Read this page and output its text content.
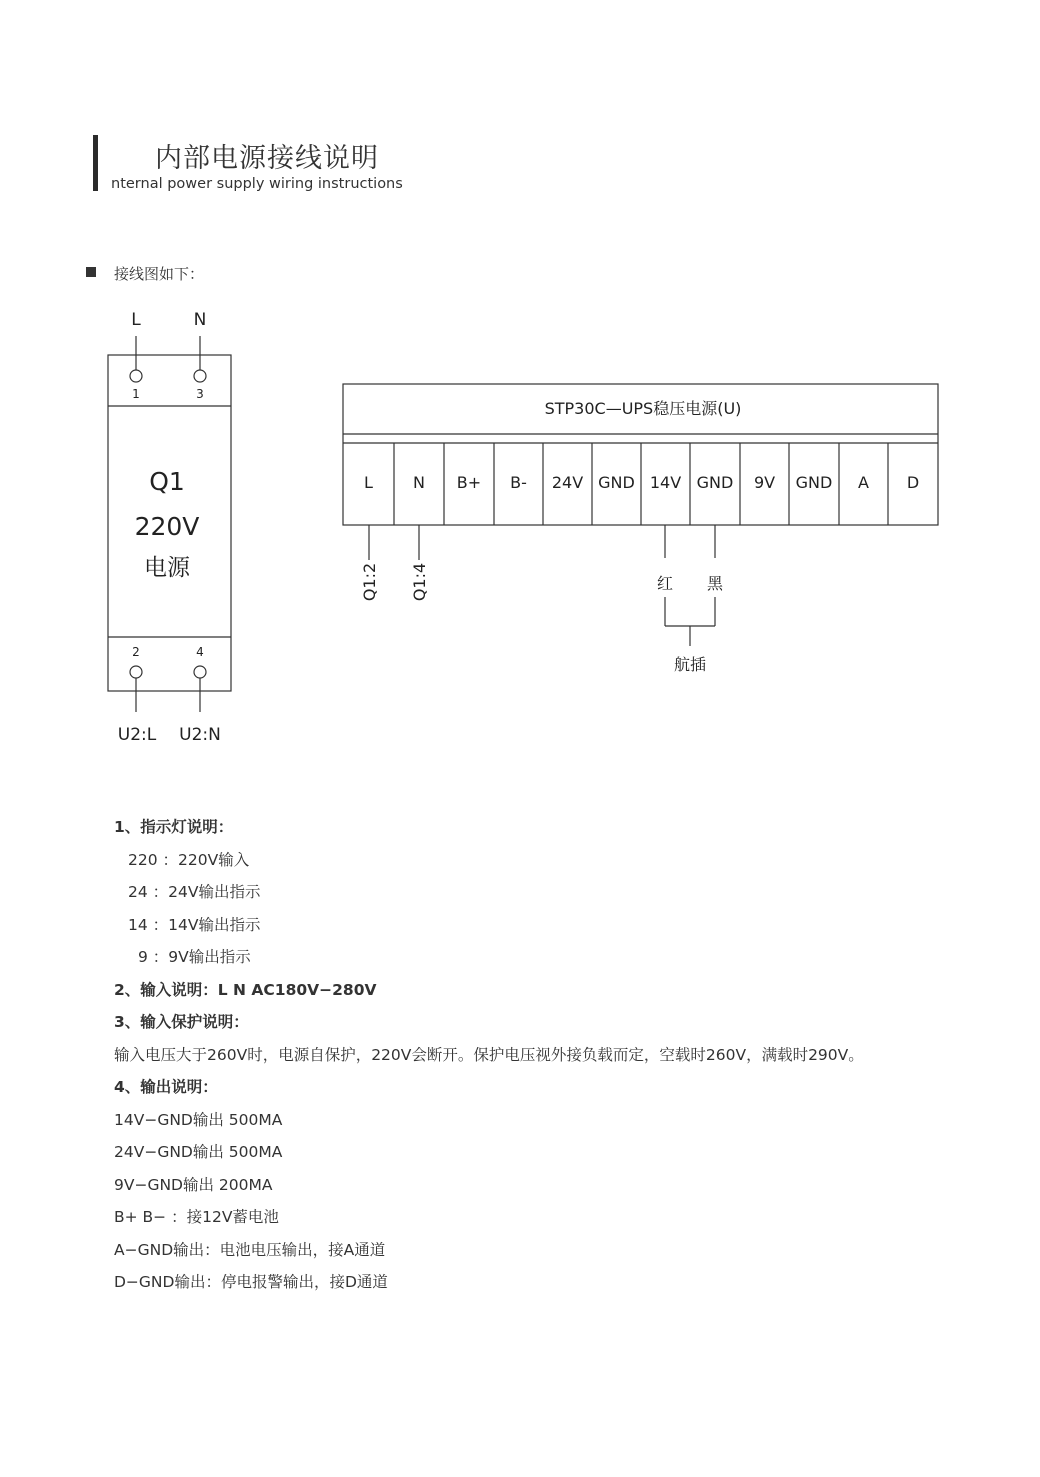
内部电源接线说明
nternal power supply wiring instructions
接线图如下：
L	N
1	3
Q1
220V
电源
2	4
U2:L U2:N
STP30C—UPS稳压电源(U)
L	N B+ B- 24V GND 14V GND 9V GND A D
Q1:2 Q1:4	红 黑
航插
1、指示灯说明：
220 ：220V输入
24 ：24V输出指示
14 ：14V输出指示
9 ：9V输出指示
2、输入说明：L N AC180V−280V
3、输入保护说明：
输入电压大于260V时，电源自保护，220V会断开。保护电压视外接负载而定，空载时260V，满载时290V。
4、输出说明：
14V−GND输出 500MA
24V−GND输出 500MA
9V−GND输出 200MA
B+ B− ：接12V蓄电池
A−GND输出：电池电压输出，接A通道
D−GND输出：停电报警输出，接D通道
